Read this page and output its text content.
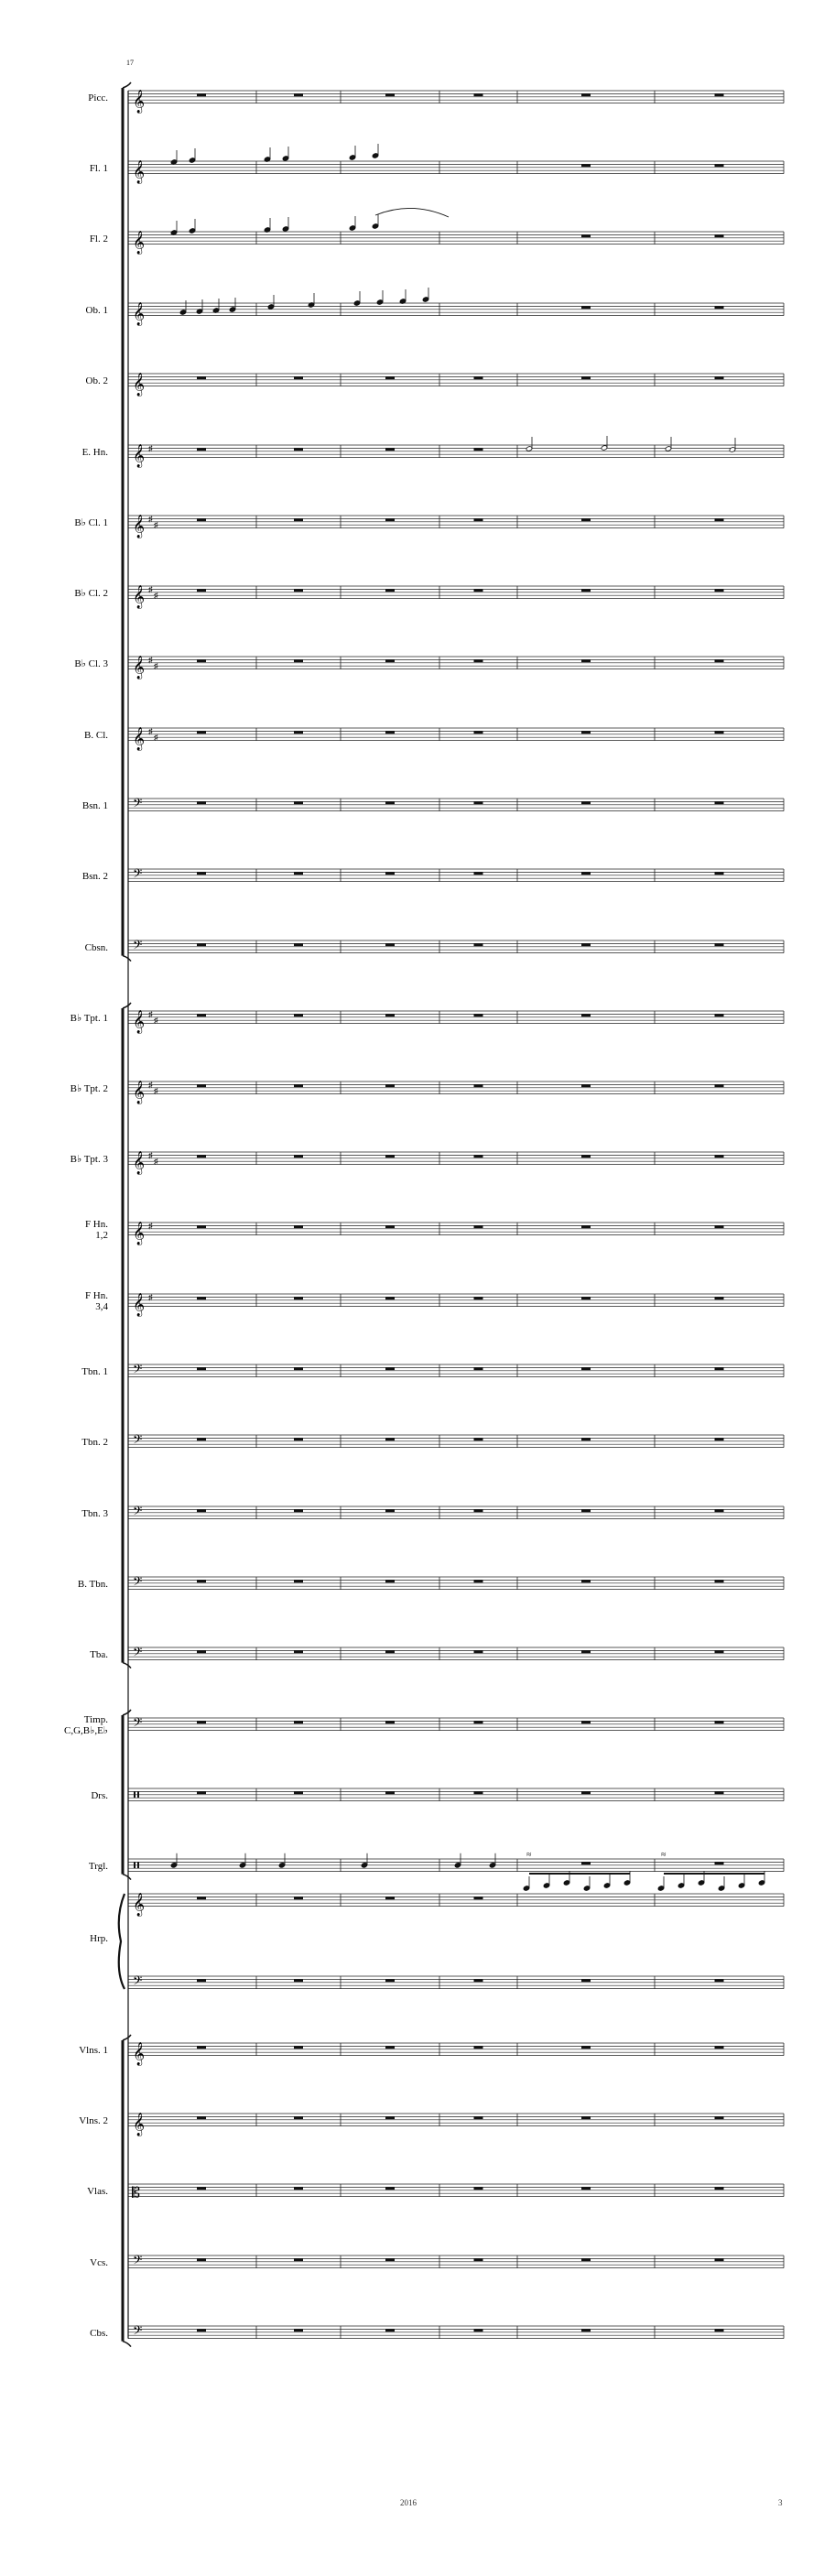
17
𝄞
Picc.
𝄞
Fl. 1
𝄞
Fl. 2
𝄞
Ob. 1
𝄞
Ob. 2
𝄞 ♯
E. Hn.
𝄞 ♯
♯
B♭ Cl. 1
𝄞 ♯
♯
B♭ Cl. 2
𝄞 ♯
♯
B♭ Cl. 3
𝄞 ♯
♯
B. Cl.
𝄢
Bsn. 1
𝄢
Bsn. 2
𝄢
Cbsn.
𝄞 ♯
♯
B♭ Tpt. 1
𝄞 ♯
♯
B♭ Tpt. 2
𝄞 ♯
♯
B♭ Tpt. 3
𝄞 ♯
F Hn.
1,2
𝄞 ♯
F Hn.
3,4
𝄢
Tbn. 1
𝄢
Tbn. 2
𝄢
Tbn. 3
𝄢
B. Tbn.
𝄢
Tba.
𝄢
Timp.
C,G,B♭,E♭
Drs.
≈	≈
Trgl.
𝄞
𝄢
Hrp.
𝄞
Vlns. 1
𝄞
Vlns. 2
𝄡
Vlas.
𝄢
Vcs.
𝄢
Cbs.
2016	3
